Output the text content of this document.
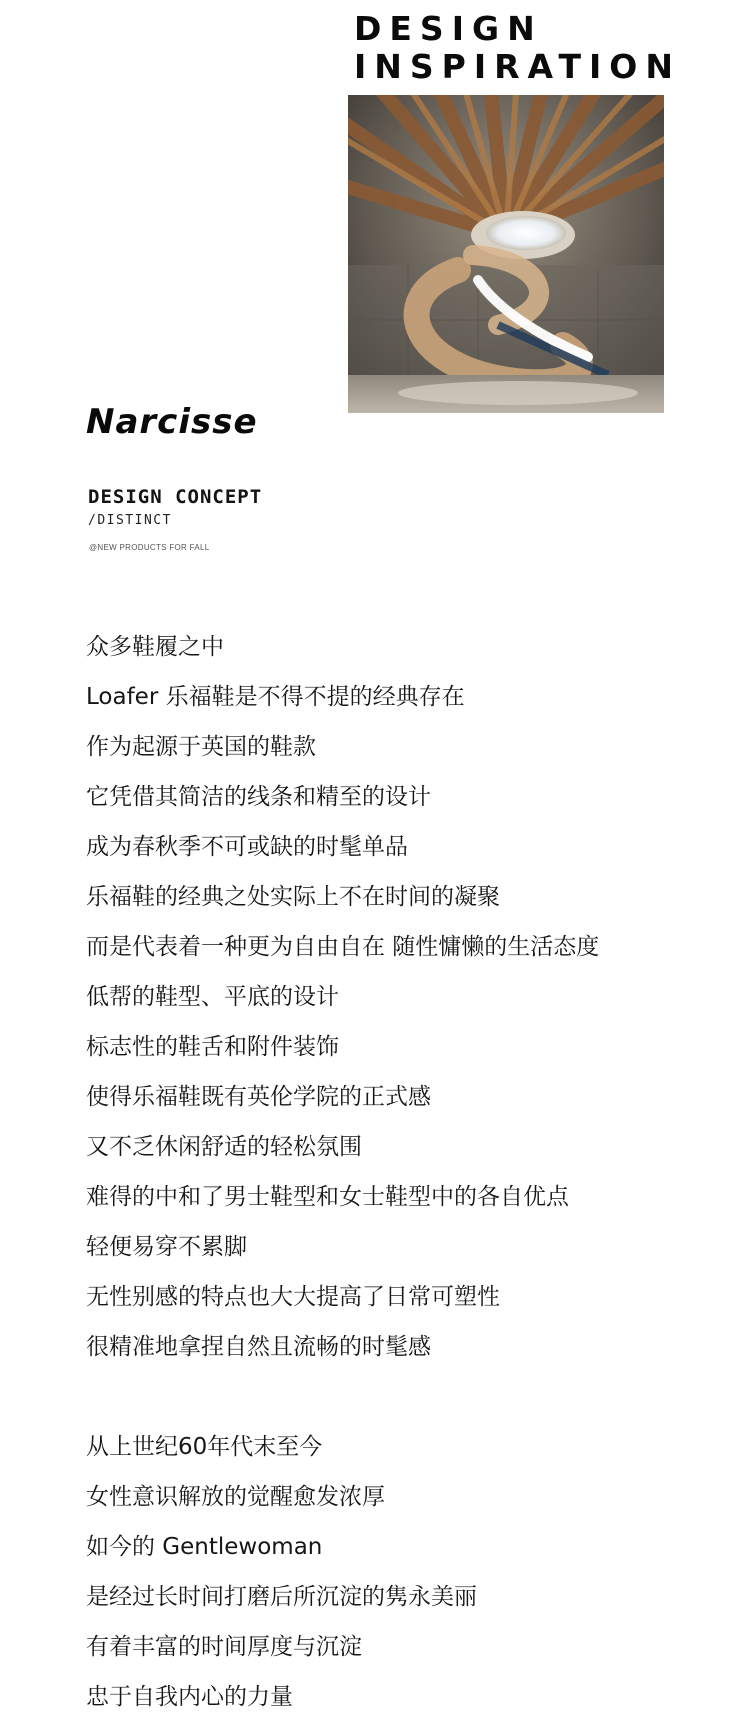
DESIGN
INSPIRATION
Narcisse
DESIGN CONCEPT
/DISTINCT
@NEW PRODUCTS FOR FALL
众多鞋履之中
Loafer 乐福鞋是不得不提的经典存在
作为起源于英国的鞋款
它凭借其简洁的线条和精至的设计
成为春秋季不可或缺的时髦单品
乐福鞋的经典之处实际上不在时间的凝聚
而是代表着一种更为自由自在 随性慵懒的生活态度
低帮的鞋型、平底的设计
标志性的鞋舌和附件装饰
使得乐福鞋既有英伦学院的正式感
又不乏休闲舒适的轻松氛围
难得的中和了男士鞋型和女士鞋型中的各自优点
轻便易穿不累脚
无性别感的特点也大大提高了日常可塑性
很精准地拿捏自然且流畅的时髦感
从上世纪60年代末至今
女性意识解放的觉醒愈发浓厚
如今的 Gentlewoman
是经过长时间打磨后所沉淀的隽永美丽
有着丰富的时间厚度与沉淀
忠于自我内心的力量
